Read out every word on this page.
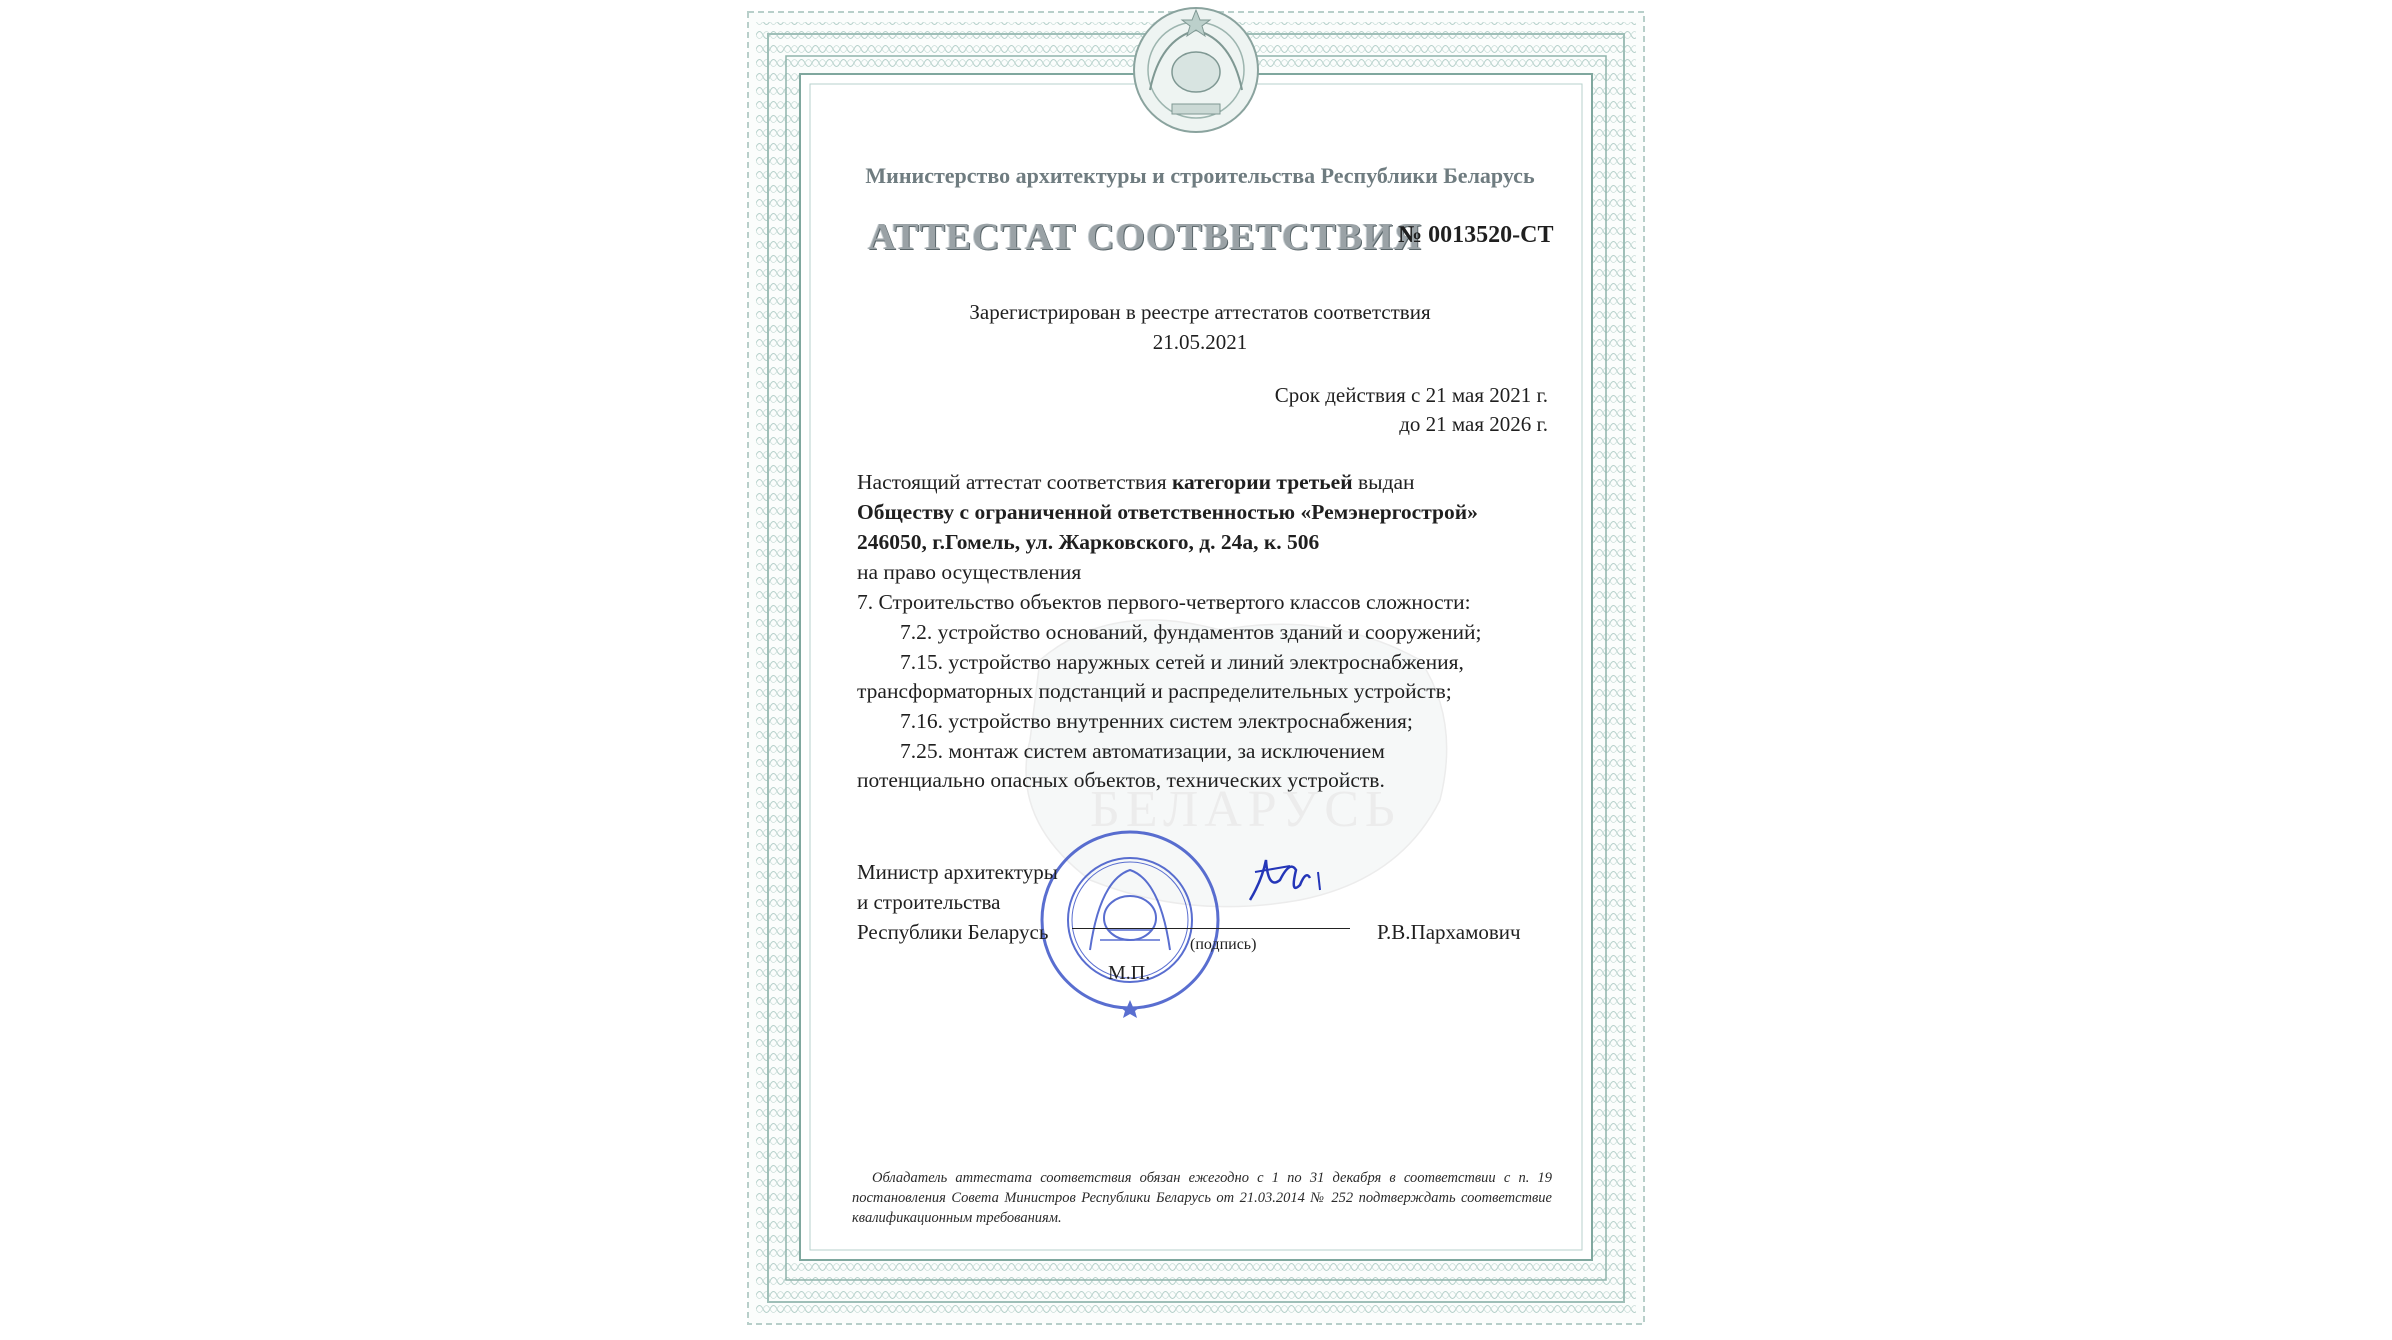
БЕЛАРУСЬ
Министерство архитектуры и строительства Республики Беларусь
АТТЕСТАТ СООТВЕТСТВИЯ
№ 0013520-СТ
Зарегистрирован в реестре аттестатов соответствия
21.05.2021
Срок действия с 21 мая 2021 г.
до 21 мая 2026 г.
Настоящий аттестат соответствия категории третьей выдан
Обществу с ограниченной ответственностью «Ремэнергострой»
246050, г.Гомель, ул. Жарковского, д. 24а, к. 506
на право осуществления
7. Строительство объектов первого-четвертого классов сложности:
7.2. устройство оснований, фундаментов зданий и сооружений;
7.15. устройство наружных сетей и линий электроснабжения,
трансформаторных подстанций и распределительных устройств;
7.16. устройство внутренних систем электроснабжения;
7.25. монтаж систем автоматизации, за исключением
потенциально опасных объектов, технических устройств.
Министр архитектуры
и строительства
Республики Беларусь
(подпись)
М.П.
Р.В.Пархамович
Обладатель аттестата соответствия обязан ежегодно с 1 по 31 декабря в соответствии с п. 19 постановления Совета Министров Республики Беларусь от 21.03.2014 № 252 подтверждать соответствие квалификационным требованиям.
